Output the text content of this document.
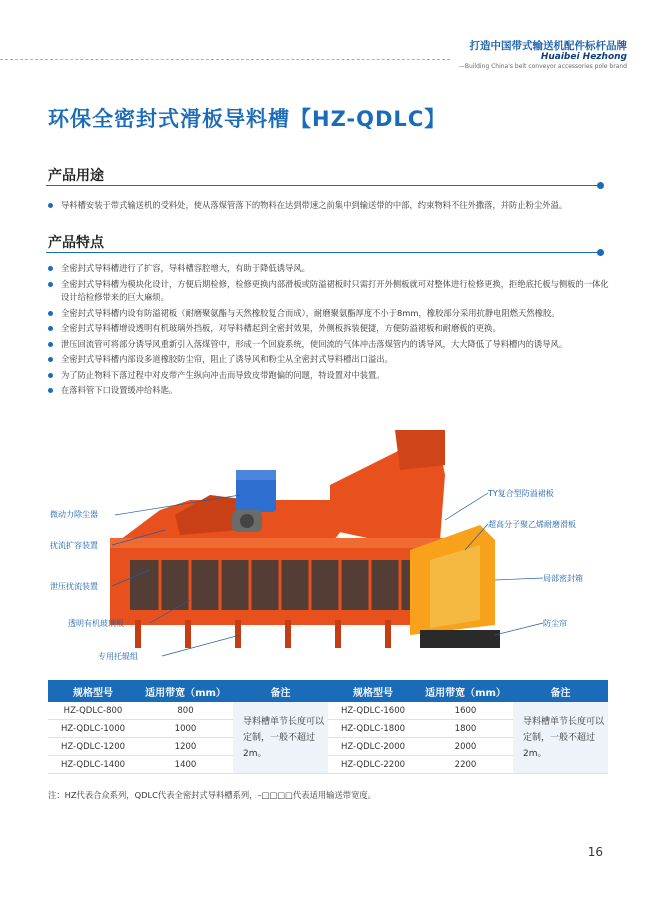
打造中国带式输送机配件标杆品牌
Huaibei Hezhong
—Building China's belt conveyor accessories pole brand
环保全密封式滑板导料槽【HZ-QDLC】
产品用途
导料槽安装于带式输送机的受料处，使从落煤管落下的物料在达到带速之前集中到输送带的中部，约束物料不往外撒落，并防止粉尘外溢。
产品特点
全密封式导料槽进行了扩容，导料槽容腔增大，有助于降低诱导风。
全密封式导料槽为模块化设计，方便后期检修，检修更换内部滑板或防溢裙板时只需打开外侧板就可对整体进行检修更换，拒绝底托板与侧板的一体化设计给检修带来的巨大麻烦。
全密封式导料槽内设有防溢裙板（耐磨聚氨酯与天然橡胶复合而成），耐磨聚氨酯厚度不小于8mm，橡胶部分采用抗静电阻燃天然橡胶。
全密封式导料槽增设透明有机玻璃外挡板，对导料槽起到全密封效果，外侧板拆装便捷，方便防溢裙板和耐磨板的更换。
泄压回流管可将部分诱导风重新引入落煤管中，形成一个回旋系统，使回流的气体冲击落煤管内的诱导风，大大降低了导料槽内的诱导风。
全密封式导料槽内部设多道橡胶防尘帘，阻止了诱导风和粉尘从全密封式导料槽出口溢出。
为了防止物料下落过程中对皮带产生纵向冲击而导致皮带跑偏的问题，特设置对中装置。
在落料管下口设置缓冲给料匙。
微动力除尘器
扰流扩容装置
泄压扰流装置
透明有机玻璃板
专用托辊组
TY复合型防溢裙板
超高分子聚乙烯耐磨滑板
局部密封箱
防尘帘
规格型号	适用带宽（mm）	备注	规格型号	适用带宽（mm）	备注
HZ-QDLC-800	800	导料槽单节长度可以定制，一般不超过2m。	HZ-QDLC-1600	1600	导料槽单节长度可以定制，一般不超过2m。
HZ-QDLC-1000	1000		HZ-QDLC-1800	1800	
HZ-QDLC-1200	1200		HZ-QDLC-2000	2000	
HZ-QDLC-1400	1400		HZ-QDLC-2200	2200	
注：HZ代表合众系列，QDLC代表全密封式导料槽系列，–□□□□代表适用输送带宽度。
16
